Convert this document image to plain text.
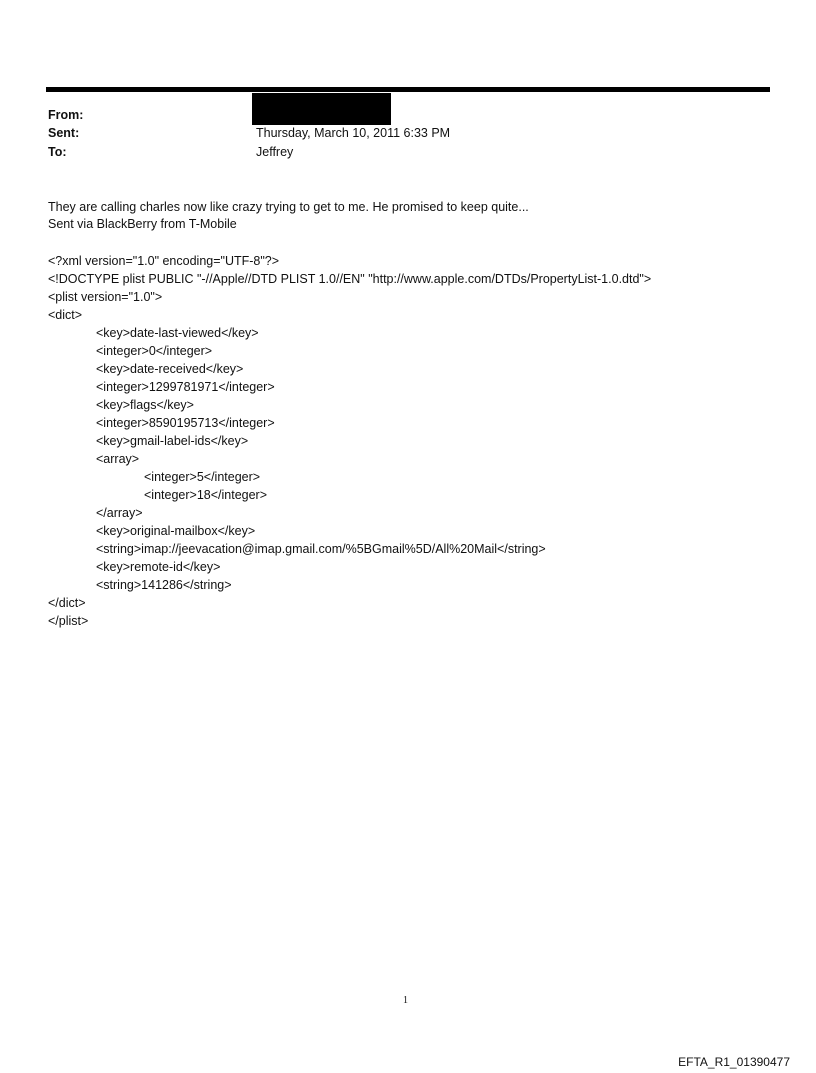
From:
Sent:	Thursday, March 10, 2011 6:33 PM
To:	Jeffrey
They are calling charles now like crazy trying to get to me. He promised to keep quite...
Sent via BlackBerry from T-Mobile
<?xml version="1.0" encoding="UTF-8"?>
<!DOCTYPE plist PUBLIC "-//Apple//DTD PLIST 1.0//EN" "http://www.apple.com/DTDs/PropertyList-1.0.dtd">
<plist version="1.0">
<dict>
<key>date-last-viewed</key>
<integer>0</integer>
<key>date-received</key>
<integer>1299781971</integer>
<key>flags</key>
<integer>8590195713</integer>
<key>gmail-label-ids</key>
<array>
<integer>5</integer>
<integer>18</integer>
</array>
<key>original-mailbox</key>
<string>imap://jeevacation@imap.gmail.com/%5BGmail%5D/All%20Mail</string>
<key>remote-id</key>
<string>141286</string>
</dict>
</plist>
1
EFTA_R1_01390477
